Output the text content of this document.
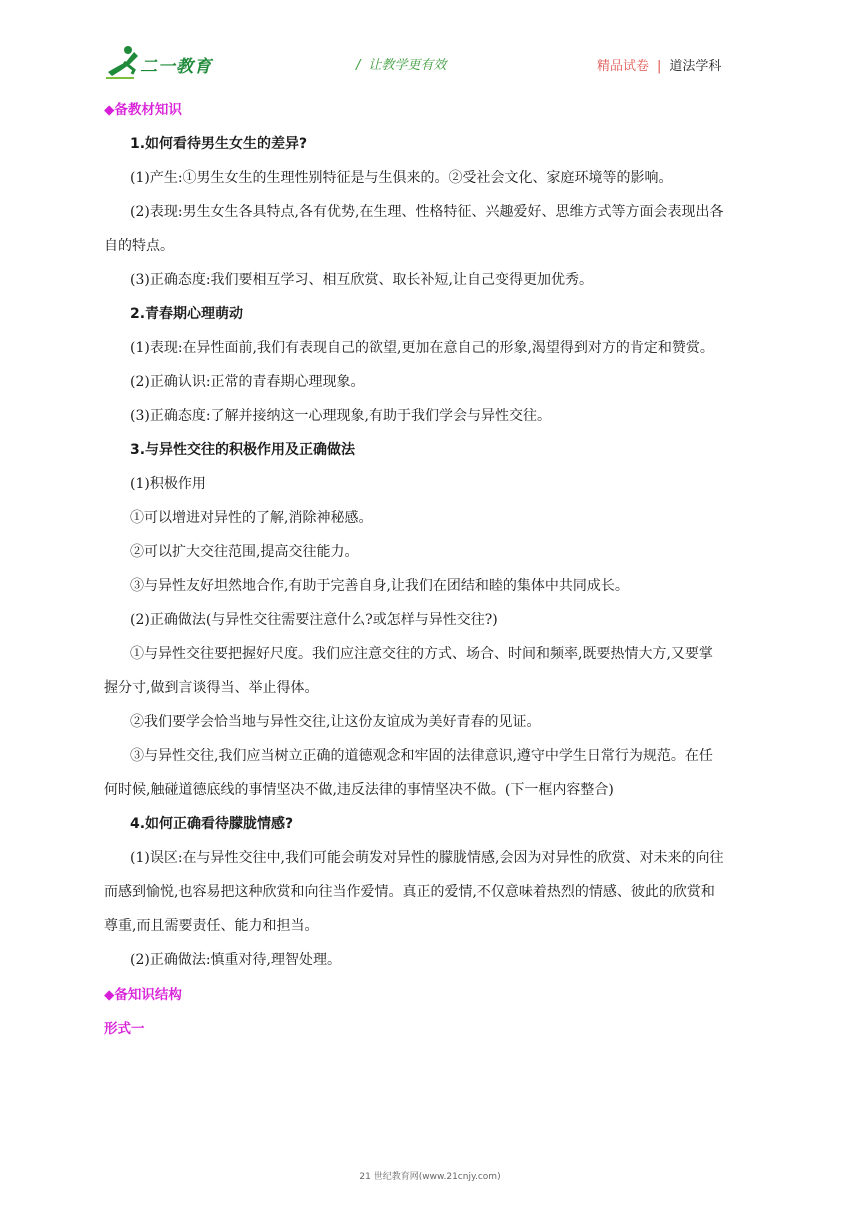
二一教育	/ 让教学更有效	精品试卷 | 道法学科
◆备教材知识
1.如何看待男生女生的差异?
(1)产生:①男生女生的生理性别特征是与生俱来的。②受社会文化、家庭环境等的影响。
(2)表现:男生女生各具特点,各有优势,在生理、性格特征、兴趣爱好、思维方式等方面会表现出各
自的特点。
(3)正确态度:我们要相互学习、相互欣赏、取长补短,让自己变得更加优秀。
2.青春期心理萌动
(1)表现:在异性面前,我们有表现自己的欲望,更加在意自己的形象,渴望得到对方的肯定和赞赏。
(2)正确认识:正常的青春期心理现象。
(3)正确态度:了解并接纳这一心理现象,有助于我们学会与异性交往。
3.与异性交往的积极作用及正确做法
(1)积极作用
①可以增进对异性的了解,消除神秘感。
②可以扩大交往范围,提高交往能力。
③与异性友好坦然地合作,有助于完善自身,让我们在团结和睦的集体中共同成长。
(2)正确做法(与异性交往需要注意什么?或怎样与异性交往?)
①与异性交往要把握好尺度。我们应注意交往的方式、场合、时间和频率,既要热情大方,又要掌
握分寸,做到言谈得当、举止得体。
②我们要学会恰当地与异性交往,让这份友谊成为美好青春的见证。
③与异性交往,我们应当树立正确的道德观念和牢固的法律意识,遵守中学生日常行为规范。在任
何时候,触碰道德底线的事情坚决不做,违反法律的事情坚决不做。(下一框内容整合)
4.如何正确看待朦胧情感?
(1)误区:在与异性交往中,我们可能会萌发对异性的朦胧情感,会因为对异性的欣赏、对未来的向往
而感到愉悦,也容易把这种欣赏和向往当作爱情。真正的爱情,不仅意味着热烈的情感、彼此的欣赏和
尊重,而且需要责任、能力和担当。
(2)正确做法:慎重对待,理智处理。
◆备知识结构
形式一
21 世纪教育网(www.21cnjy.com)
